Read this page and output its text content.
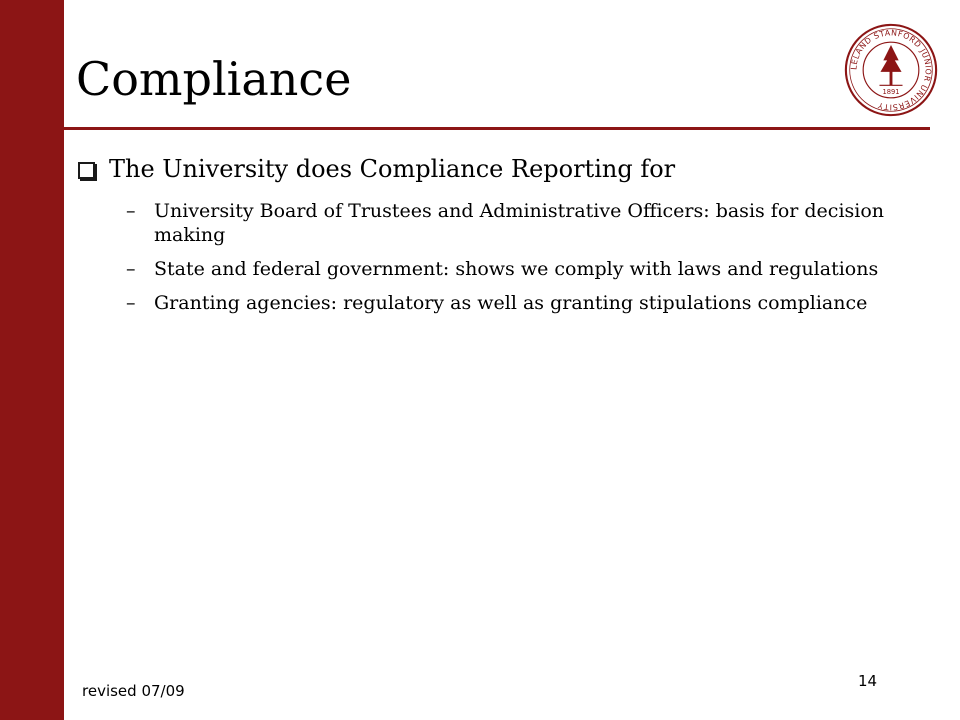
Compliance	LELAND STANFORD JUNIOR UNIVERSITY
1891
The University does Compliance Reporting for
– University Board of Trustees and Administrative Officers: basis for decision making
– State and federal government: shows we comply with laws and regulations
– Granting agencies: regulatory as well as granting stipulations compliance
revised 07/09
14
